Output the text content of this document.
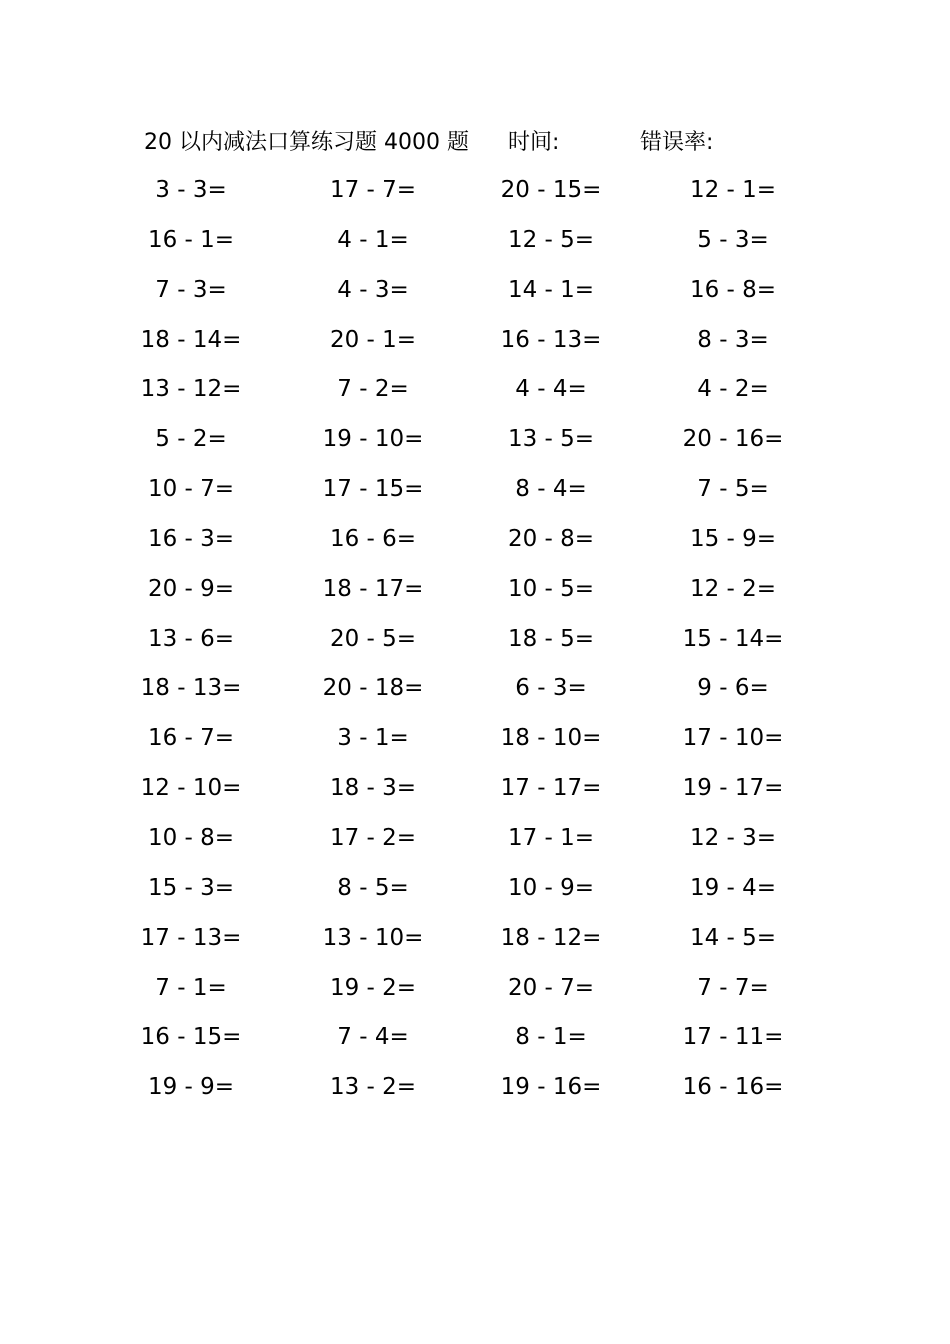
20 以内减法口算练习题 4000 题 时间:	错误率:
3 - 3=	17 - 7=	20 - 15=	12 - 1=
16 - 1=	4 - 1=	12 - 5=	5 - 3=
7 - 3=	4 - 3=	14 - 1=	16 - 8=
18 - 14=	20 - 1=	16 - 13=	8 - 3=
13 - 12=	7 - 2=	4 - 4=	4 - 2=
5 - 2=	19 - 10=	13 - 5=	20 - 16=
10 - 7=	17 - 15=	8 - 4=	7 - 5=
16 - 3=	16 - 6=	20 - 8=	15 - 9=
20 - 9=	18 - 17=	10 - 5=	12 - 2=
13 - 6=	20 - 5=	18 - 5=	15 - 14=
18 - 13=	20 - 18=	6 - 3=	9 - 6=
16 - 7=	3 - 1=	18 - 10=	17 - 10=
12 - 10=	18 - 3=	17 - 17=	19 - 17=
10 - 8=	17 - 2=	17 - 1=	12 - 3=
15 - 3=	8 - 5=	10 - 9=	19 - 4=
17 - 13=	13 - 10=	18 - 12=	14 - 5=
7 - 1=	19 - 2=	20 - 7=	7 - 7=
16 - 15=	7 - 4=	8 - 1=	17 - 11=
19 - 9=	13 - 2=	19 - 16=	16 - 16=
